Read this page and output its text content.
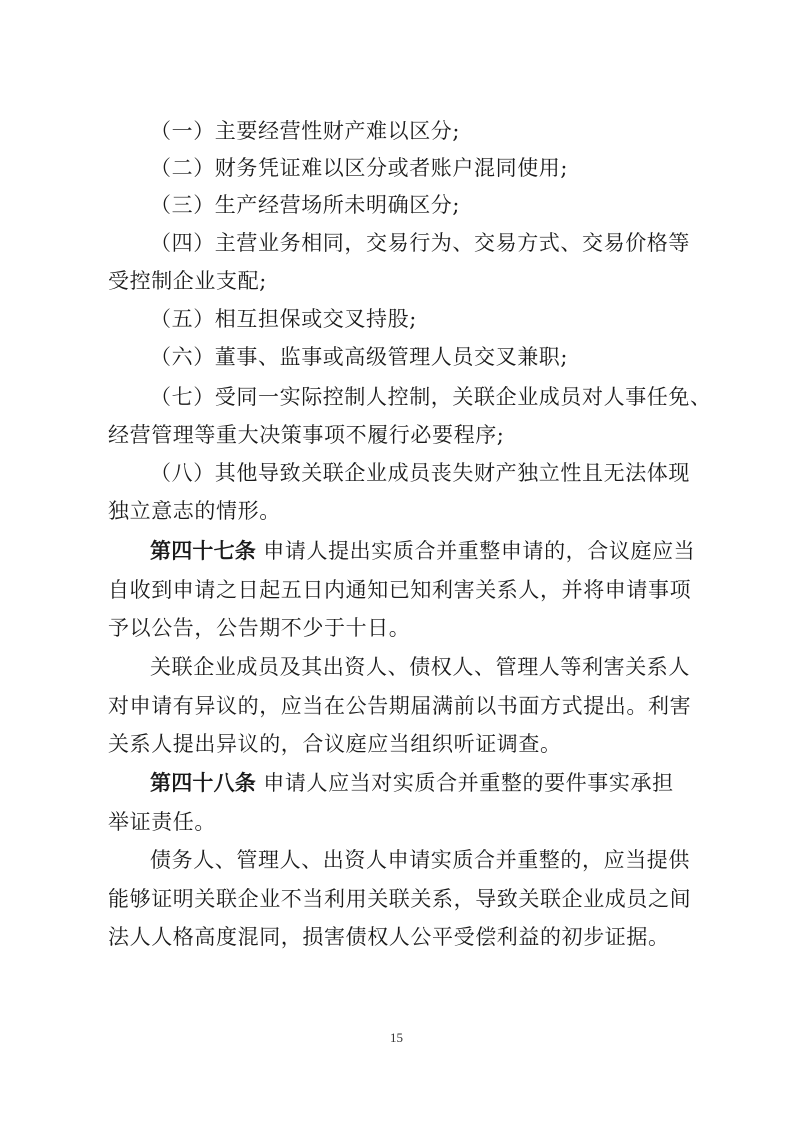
（一）主要经营性财产难以区分;
（二）财务凭证难以区分或者账户混同使用;
（三）生产经营场所未明确区分;
（四）主营业务相同，交易行为、交易方式、交易价格等
受控制企业支配;
（五）相互担保或交叉持股;
（六）董事、监事或高级管理人员交叉兼职;
（七）受同一实际控制人控制，关联企业成员对人事任免、
经营管理等重大决策事项不履行必要程序;
（八）其他导致关联企业成员丧失财产独立性且无法体现
独立意志的情形。
第四十七条 申请人提出实质合并重整申请的，合议庭应当
自收到申请之日起五日内通知已知利害关系人，并将申请事项
予以公告，公告期不少于十日。
关联企业成员及其出资人、债权人、管理人等利害关系人
对申请有异议的，应当在公告期届满前以书面方式提出。利害
关系人提出异议的，合议庭应当组织听证调查。
第四十八条 申请人应当对实质合并重整的要件事实承担
举证责任。
债务人、管理人、出资人申请实质合并重整的，应当提供
能够证明关联企业不当利用关联关系，导致关联企业成员之间
法人人格高度混同，损害债权人公平受偿利益的初步证据。
15
